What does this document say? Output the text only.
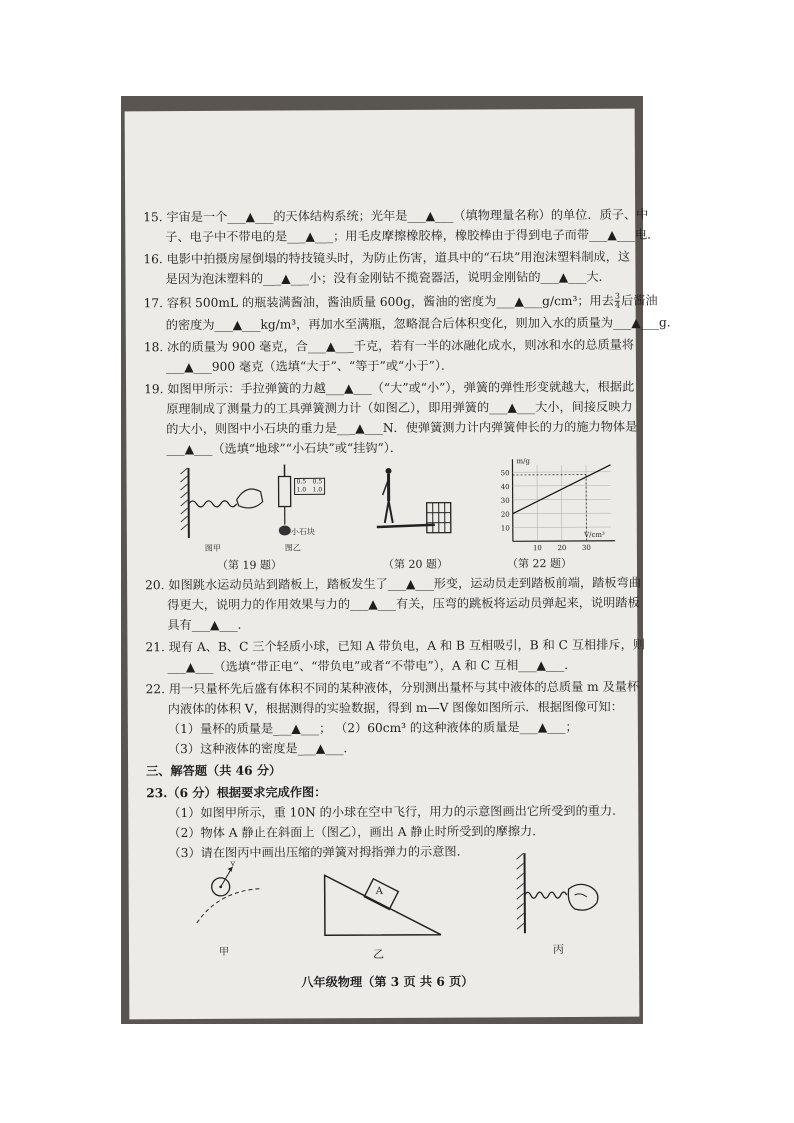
15. 宇宙是一个___▲___的天体结构系统；光年是___▲___（填物理量名称）的单位．质子、中
子、电子中不带电的是___▲___；用毛皮摩擦橡胶棒，橡胶棒由于得到电子而带___▲___电．
16. 电影中拍摄房屋倒塌的特技镜头时，为防止伤害，道具中的“石块”用泡沫塑料制成，这
是因为泡沫塑料的___▲___小；没有金刚钻不揽瓷器活，说明金刚钻的___▲___大．
17. 容积 500mL 的瓶装满酱油，酱油质量 600g，酱油的密度为___▲___g/cm³；用去 $\frac{3}{4}$ 后酱油
的密度为___▲___kg/m³，再加水至满瓶，忽略混合后体积变化，则加入水的质量为___▲___g．
18. 冰的质量为 900 毫克，合___▲___千克，若有一半的冰融化成水，则冰和水的总质量将
___▲___900 毫克（选填“大于”、“等于”或“小于”）．
19. 如图甲所示：手拉弹簧的力越___▲___（“大”或“小”），弹簧的弹性形变就越大，根据此
原理制成了测量力的工具弹簧测力计（如图乙），即用弹簧的___▲___大小，间接反映力
的大小，则图中小石块的重力是___▲___N．使弹簧测力计内弹簧伸长的力的施力物体是
___▲___（选填“地球”“小石块”或“挂钩”）．
图甲
0.5
1.0
0.5
1.0
小石块
图乙
（第 19 题）	（第 20 题）
10
20
30
40
50
10 20 30
m/g
V/cm³
（第 22 题）
20. 如图跳水运动员站到踏板上，踏板发生了___▲___形变，运动员走到踏板前端，踏板弯曲
得更大，说明力的作用效果与力的___▲___有关，压弯的跳板将运动员弹起来，说明踏板
具有___▲___．
21. 现有 A、B、C 三个轻质小球，已知 A 带负电，A 和 B 互相吸引，B 和 C 互相排斥，则
___▲___（选填“带正电”、“带负电”或者“不带电”），A 和 C 互相___▲___．
22. 用一只量杯先后盛有体积不同的某种液体，分别测出量杯与其中液体的总质量 m 及量杯
内液体的体积 V，根据测得的实验数据，得到 m—V 图像如图所示．根据图像可知：
（1）量杯的质量是___▲___； （2）60cm³ 的这种液体的质量是___▲___；
（3）这种液体的密度是___▲___．
三、解答题（共 46 分）
23.（6 分）根据要求完成作图：
（1）如图甲所示，重 10N 的小球在空中飞行，用力的示意图画出它所受到的重力．
（2）物体 A 静止在斜面上（图乙），画出 A 静止时所受到的摩擦力．
（3）请在图丙中画出压缩的弹簧对拇指弹力的示意图．
v
甲
A
乙	丙
八年级物理（第 3 页 共 6 页）
